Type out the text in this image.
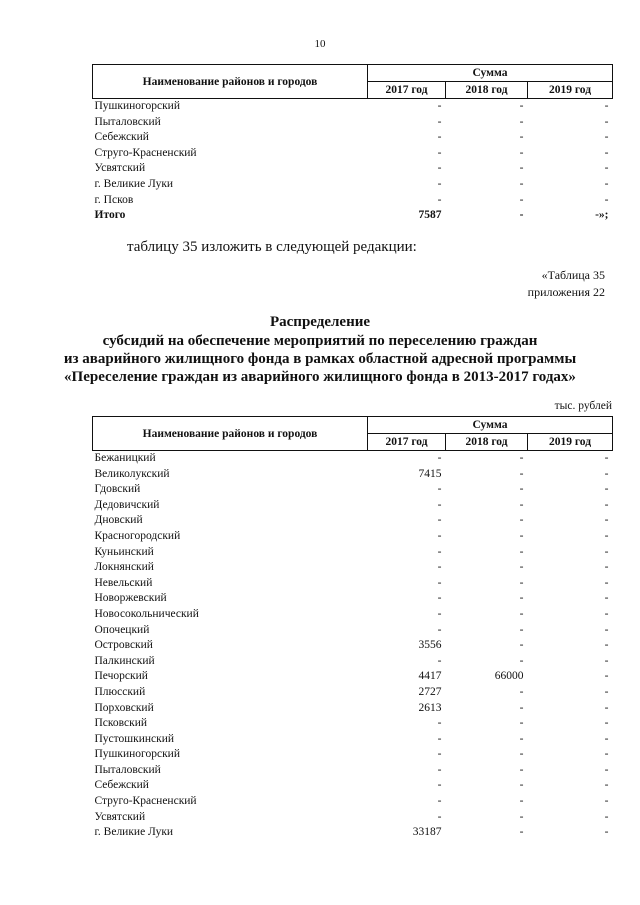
10
Наименование районов и городов	Сумма		
	2017 год	2018 год	2019 год
Пушкиногорский	-	-	-
Пыталовский	-	-	-
Себежский	-	-	-
Струго-Красненский	-	-	-
Усвятский	-	-	-
г. Великие Луки	-	-	-
г. Псков	-	-	-
Итого	7587	-	-»;
таблицу 35 изложить в следующей редакции:
«Таблица 35
приложения 22
Распределение
субсидий на обеспечение мероприятий по переселению граждан
из аварийного жилищного фонда в рамках областной адресной программы
«Переселение граждан из аварийного жилищного фонда в 2013-2017 годах»
тыс. рублей
Наименование районов и городов	Сумма		
	2017 год	2018 год	2019 год
Бежаницкий	-	-	-
Великолукский	7415	-	-
Гдовский	-	-	-
Дедовичский	-	-	-
Дновский	-	-	-
Красногородский	-	-	-
Куньинский	-	-	-
Локнянский	-	-	-
Невельский	-	-	-
Новоржевский	-	-	-
Новосокольнический	-	-	-
Опочецкий	-	-	-
Островский	3556	-	-
Палкинский	-	-	-
Печорский	4417	66000	-
Плюсский	2727	-	-
Порховский	2613	-	-
Псковский	-	-	-
Пустошкинский	-	-	-
Пушкиногорский	-	-	-
Пыталовский	-	-	-
Себежский	-	-	-
Струго-Красненский	-	-	-
Усвятский	-	-	-
г. Великие Луки	33187	-	-
